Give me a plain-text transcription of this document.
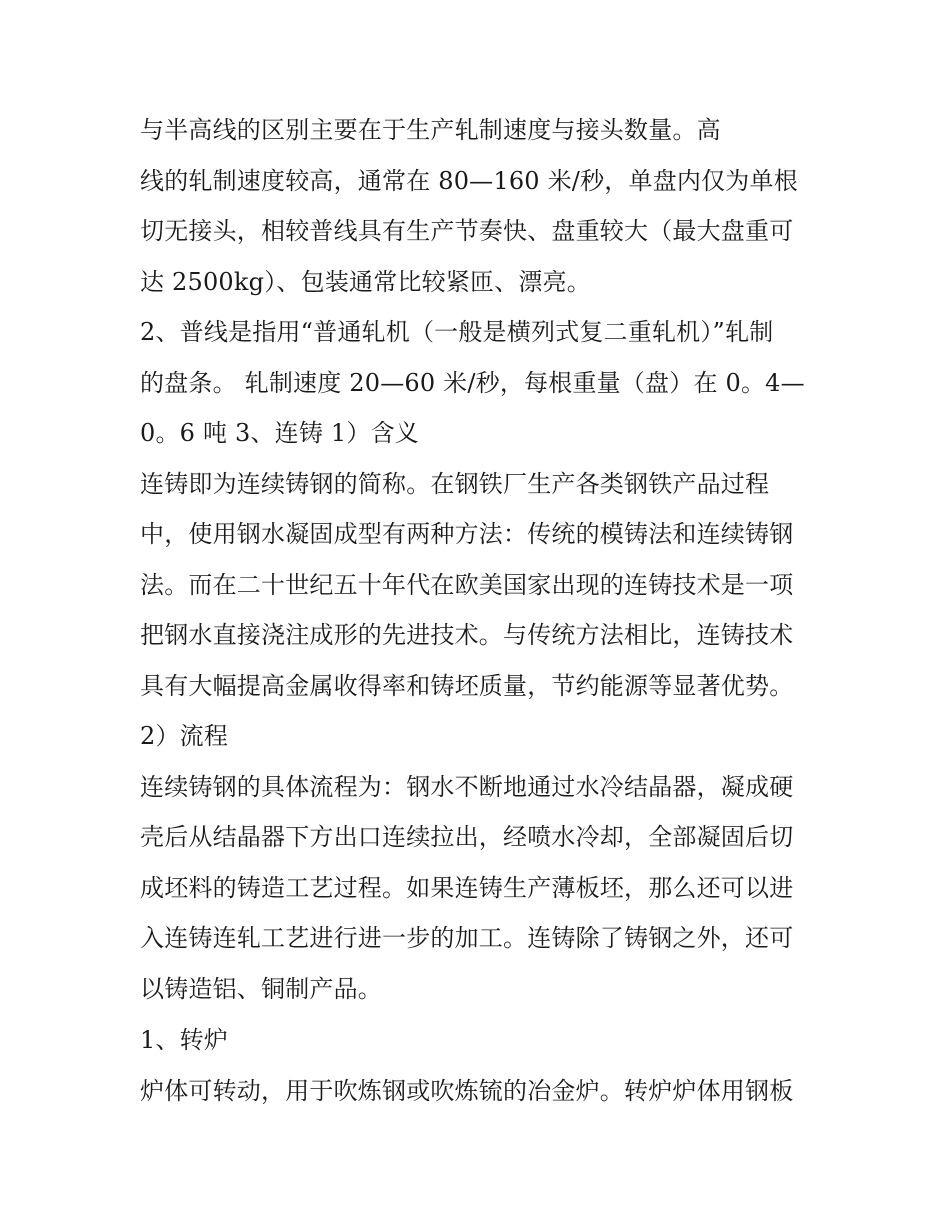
与半高线的区别主要在于生产轧制速度与接头数量。高
线的轧制速度较高，通常在 80—160 米/秒，单盘内仅为单根
切无接头，相较普线具有生产节奏快、盘重较大（最大盘重可
达 2500kg）、包装通常比较紧匝、漂亮。
2、普线是指用“普通轧机（一般是横列式复二重轧机）”轧制
的盘条。 轧制速度 20—60 米/秒，每根重量（盘）在 0。4—
0。6 吨 3、连铸 1）含义
连铸即为连续铸钢的简称。在钢铁厂生产各类钢铁产品过程
中，使用钢水凝固成型有两种方法：传统的模铸法和连续铸钢
法。而在二十世纪五十年代在欧美国家出现的连铸技术是一项
把钢水直接浇注成形的先进技术。与传统方法相比，连铸技术
具有大幅提高金属收得率和铸坯质量，节约能源等显著优势。
2）流程
连续铸钢的具体流程为：钢水不断地通过水冷结晶器，凝成硬
壳后从结晶器下方出口连续拉出，经喷水冷却，全部凝固后切
成坯料的铸造工艺过程。如果连铸生产薄板坯，那么还可以进
入连铸连轧工艺进行进一步的加工。连铸除了铸钢之外，还可
以铸造铝、铜制产品。
1、转炉
炉体可转动，用于吹炼钢或吹炼锍的冶金炉。转炉炉体用钢板
